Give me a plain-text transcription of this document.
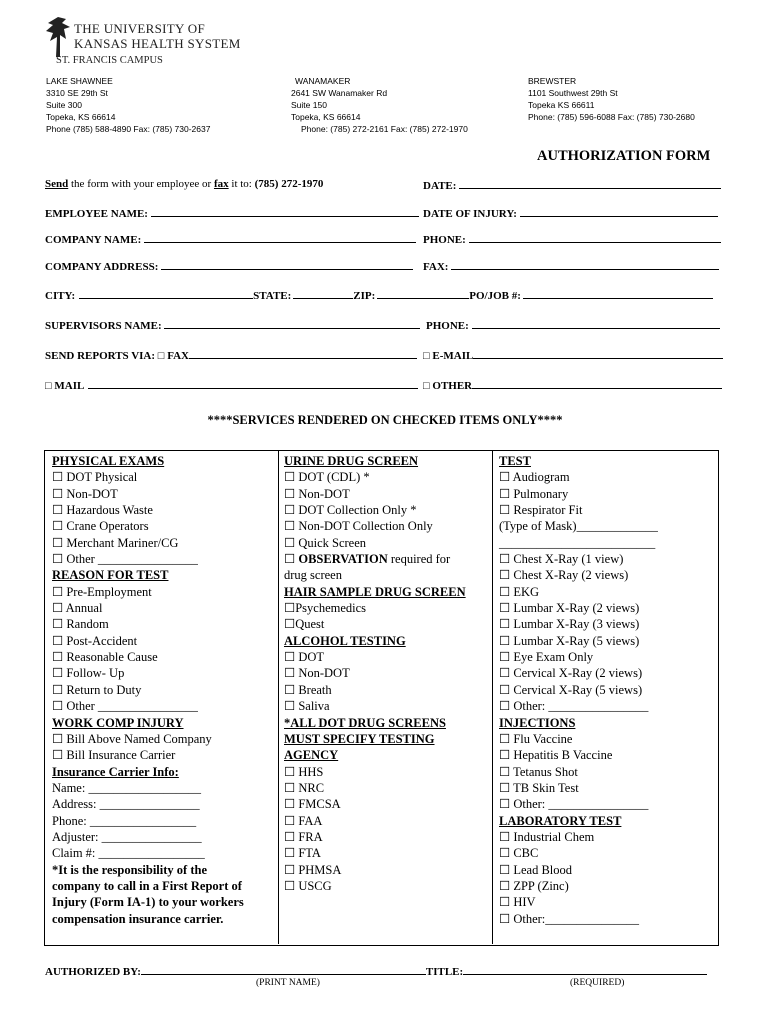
THE UNIVERSITY OF
KANSAS HEALTH SYSTEM
ST. FRANCIS CAMPUS
LAKE SHAWNEE
3310 SE 29th St
Suite 300
Topeka, KS 66614
Phone (785) 588-4890 Fax: (785) 730-2637
WANAMAKER
2641 SW Wanamaker Rd
Suite 150
Topeka, KS 66614
Phone: (785) 272-2161 Fax: (785) 272-1970
BREWSTER
1101 Southwest 29th St
Topeka KS 66611
Phone: (785) 596-6088 Fax: (785) 730-2680
AUTHORIZATION FORM
Send the form with your employee or fax it to: (785) 272-1970	DATE:
EMPLOYEE NAME:	DATE OF INJURY:
COMPANY NAME:	PHONE:
COMPANY ADDRESS:	FAX:
CITY:	STATE:	ZIP:	PO/JOB #:
SUPERVISORS NAME:	PHONE:
SEND REPORTS VIA: □ FAX	□ E-MAIL
□ MAIL	□ OTHER
****SERVICES RENDERED ON CHECKED ITEMS ONLY****
PHYSICAL EXAMS
☐ DOT Physical
☐ Non-DOT
☐ Hazardous Waste
☐ Crane Operators
☐ Merchant Mariner/CG
☐ Other ________________
REASON FOR TEST
☐ Pre-Employment
☐ Annual
☐ Random
☐ Post-Accident
☐ Reasonable Cause
☐ Follow- Up
☐ Return to Duty
☐ Other ________________
WORK COMP INJURY
☐ Bill Above Named Company
☐ Bill Insurance Carrier
Insurance Carrier Info:
Name: __________________
Address: ________________
Phone: _________________
Adjuster: ________________
Claim #: _________________
*It is the responsibility of the
company to call in a First Report of
Injury (Form IA-1) to your workers
compensation insurance carrier.
URINE DRUG SCREEN
☐ DOT (CDL) *
☐ Non-DOT
☐ DOT Collection Only *
☐ Non-DOT Collection Only
☐ Quick Screen
☐ OBSERVATION required for
drug screen
HAIR SAMPLE DRUG SCREEN
☐Psychemedics
☐Quest
ALCOHOL TESTING
☐ DOT
☐ Non-DOT
☐ Breath
☐ Saliva
*ALL DOT DRUG SCREENS
MUST SPECIFY TESTING
AGENCY
☐ HHS
☐ NRC
☐ FMCSA
☐ FAA
☐ FRA
☐ FTA
☐ PHMSA
☐ USCG
TEST
☐ Audiogram
☐ Pulmonary
☐ Respirator Fit
(Type of Mask)_____________
_________________________
☐ Chest X-Ray (1 view)
☐ Chest X-Ray (2 views)
☐ EKG
☐ Lumbar X-Ray (2 views)
☐ Lumbar X-Ray (3 views)
☐ Lumbar X-Ray (5 views)
☐ Eye Exam Only
☐ Cervical X-Ray (2 views)
☐ Cervical X-Ray (5 views)
☐ Other: ________________
INJECTIONS
☐ Flu Vaccine
☐ Hepatitis B Vaccine
☐ Tetanus Shot
☐ TB Skin Test
☐ Other: ________________
LABORATORY TEST
☐ Industrial Chem
☐ CBC
☐ Lead Blood
☐ ZPP (Zinc)
☐ HIV
☐ Other:_______________
AUTHORIZED BY:	TITLE:
(PRINT NAME)	(REQUIRED)
